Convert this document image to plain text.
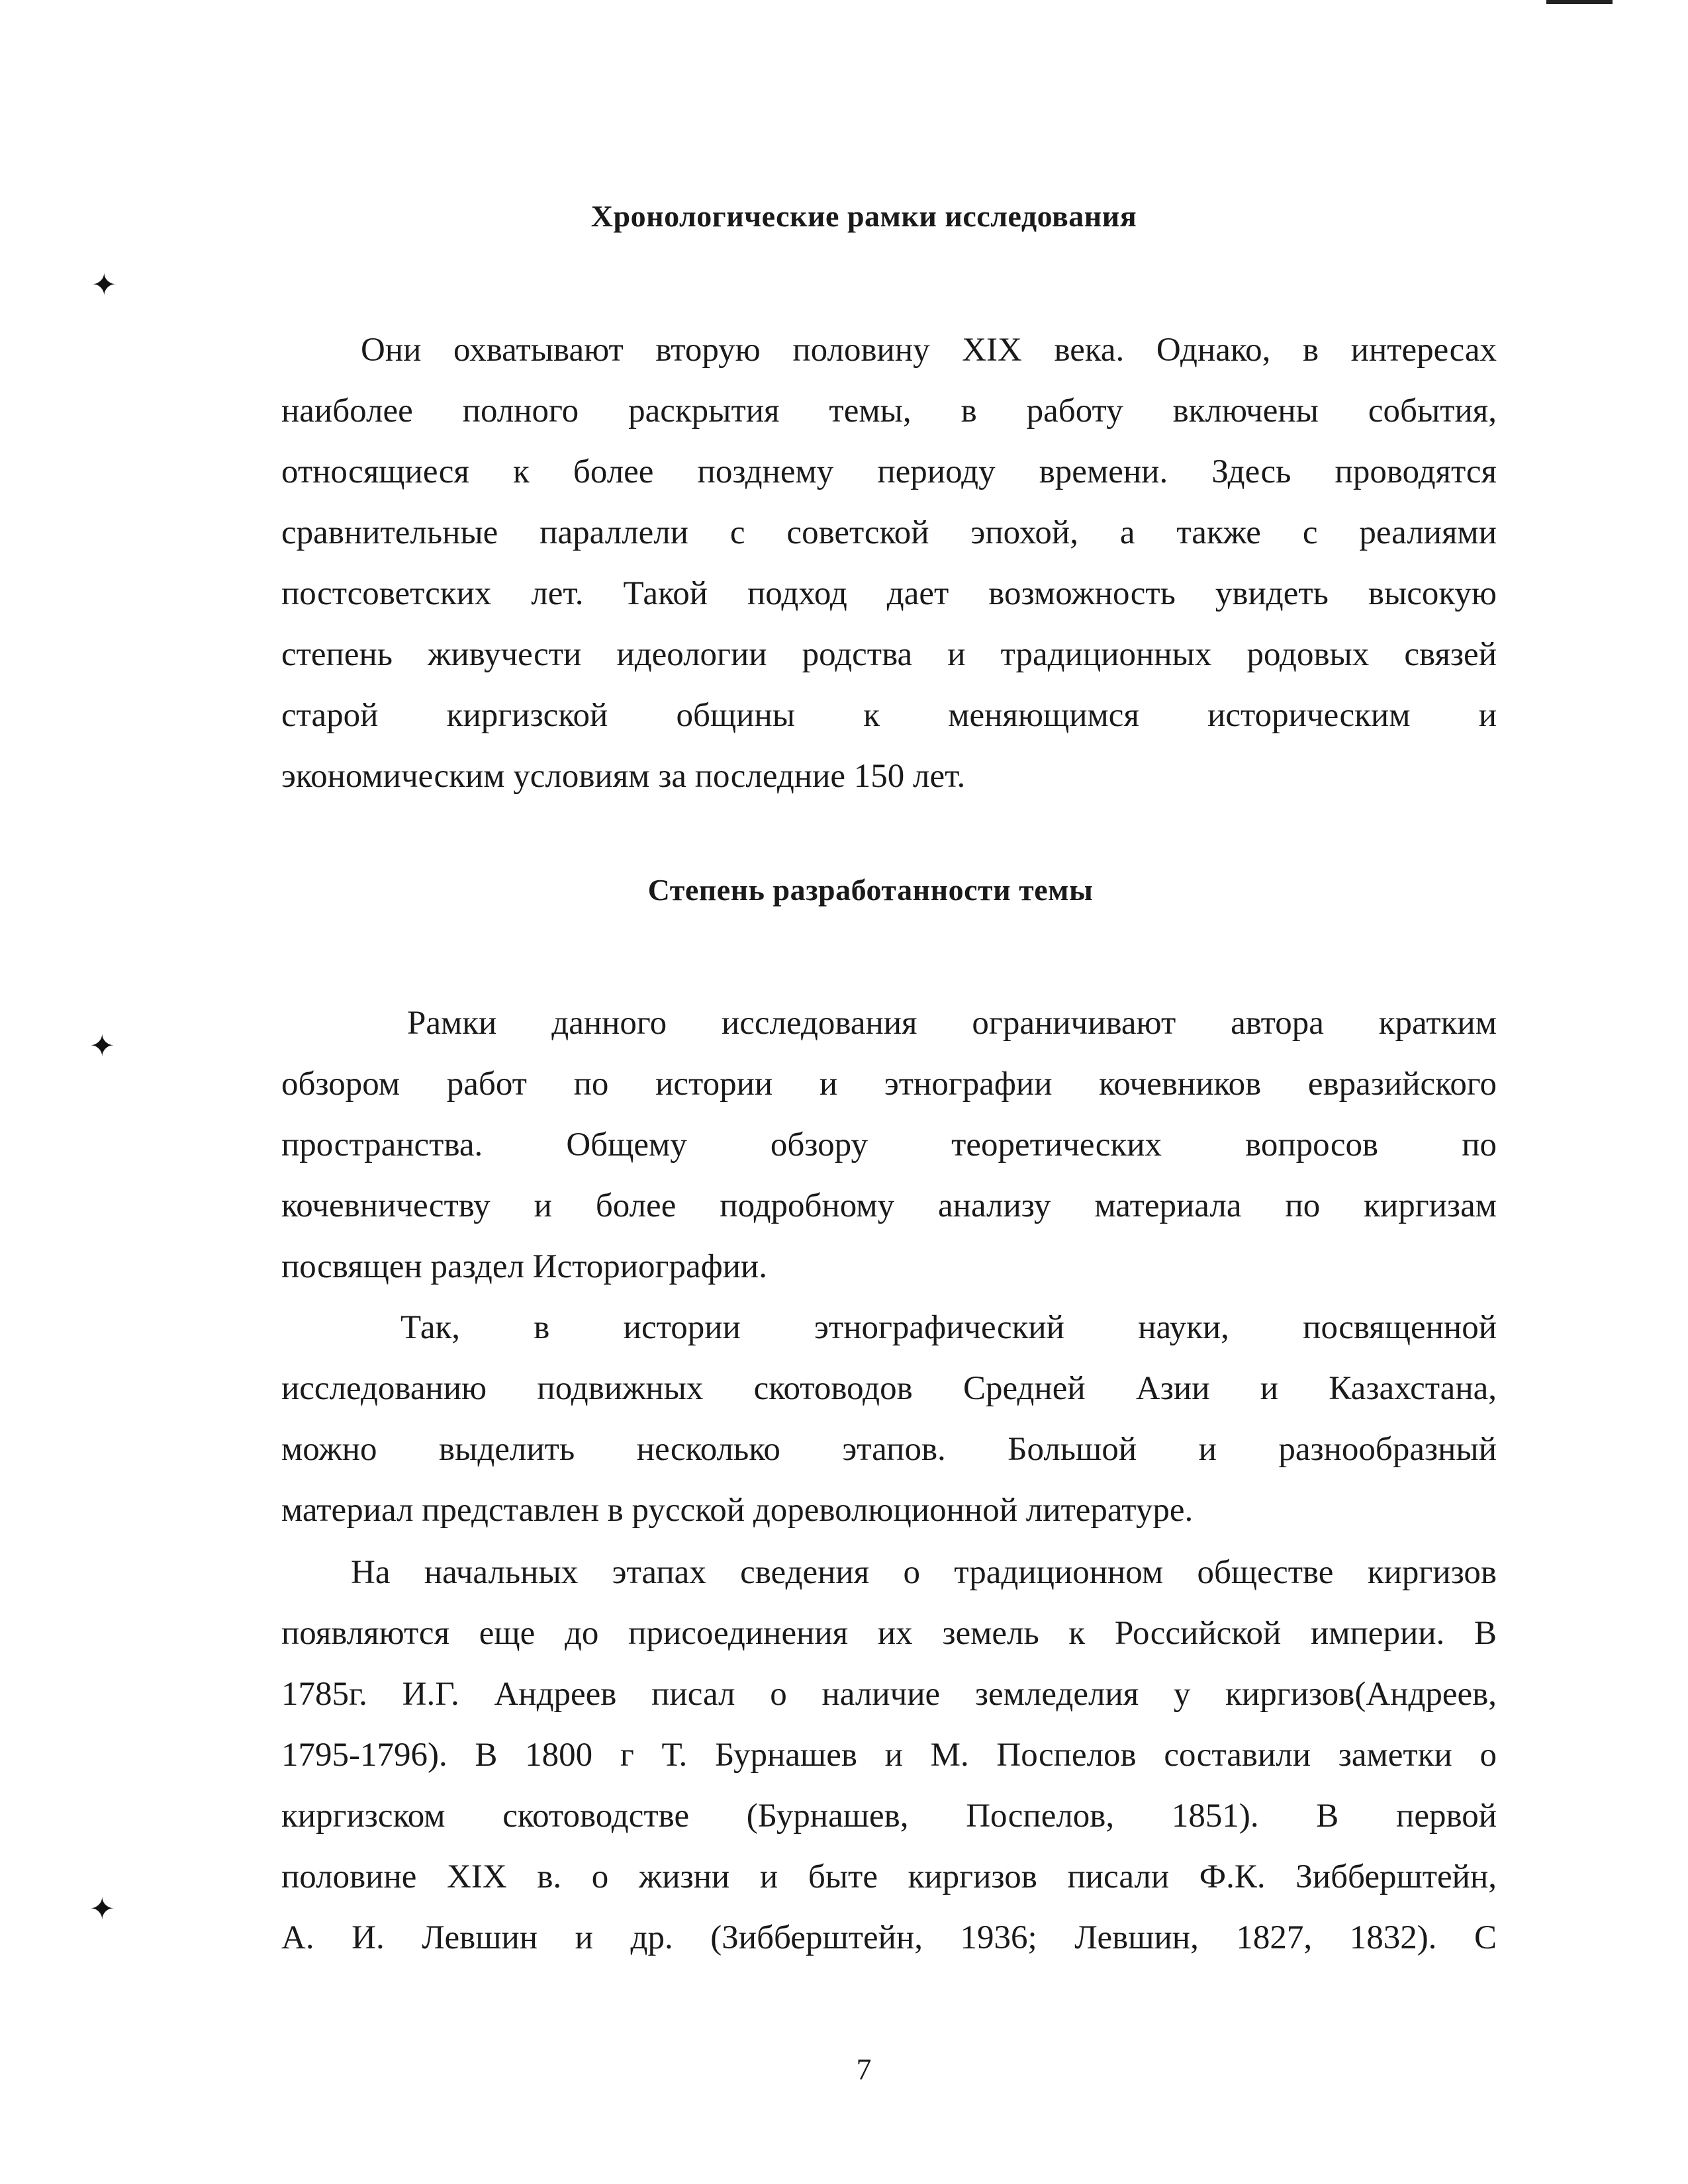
✦
✦
✦
Хронологические рамки исследования
Они охватывают вторую половину XIX века. Однако, в интересах
наиболее полного раскрытия темы, в работу включены события,
относящиеся к более позднему периоду времени. Здесь проводятся
сравнительные параллели с советской эпохой, а также с реалиями
постсоветских лет. Такой подход дает возможность увидеть высокую
степень живучести идеологии родства и традиционных родовых связей
старой киргизской общины к меняющимся историческим и
экономическим условиям за последние 150 лет.
Степень разработанности темы
Рамки данного исследования ограничивают автора кратким
обзором работ по истории и этнографии кочевников евразийского
пространства. Общему обзору теоретических вопросов по
кочевничеству и более подробному анализу материала по киргизам
посвящен раздел Историографии.
Так, в истории этнографический науки, посвященной
исследованию подвижных скотоводов Средней Азии и Казахстана,
можно выделить несколько этапов. Большой и разнообразный
материал представлен в русской дореволюционной литературе.
На начальных этапах сведения о традиционном обществе киргизов
появляются еще до присоединения их земель к Российской империи. В
1785г. И.Г. Андреев писал о наличие земледелия у киргизов(Андреев,
1795-1796). В 1800 г Т. Бурнашев и М. Поспелов составили заметки о
киргизском скотоводстве (Бурнашев, Поспелов, 1851). В первой
половине XIX в. о жизни и быте киргизов писали Ф.К. Зибберштейн,
А. И. Левшин и др. (Зибберштейн, 1936; Левшин, 1827, 1832). С
7
